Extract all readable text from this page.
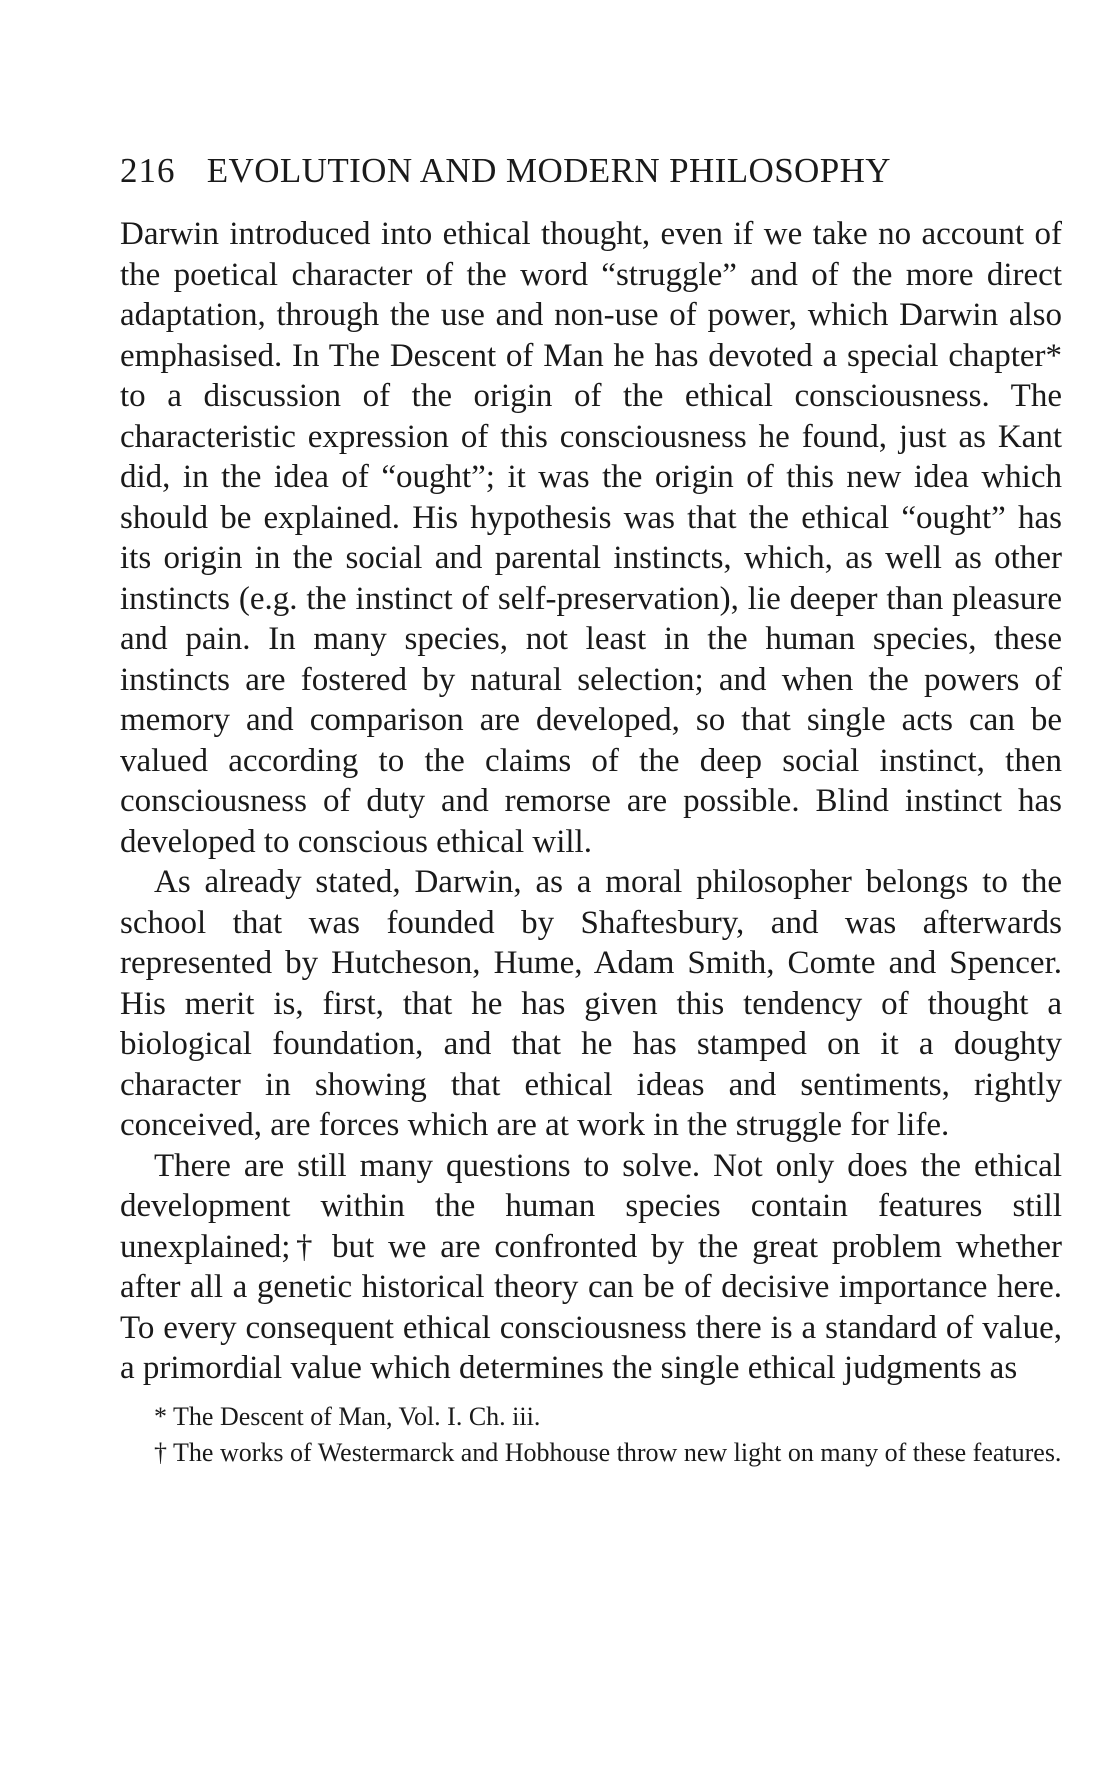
216 EVOLUTION AND MODERN PHILOSOPHY

Darwin introduced into ethical thought, even if we take no account of the poetical character of the word “struggle” and of the more direct adaptation, through the use and non-use of power, which Darwin also emphasised. In The Descent of Man he has devoted a special chapter* to a discussion of the origin of the ethical consciousness. The characteristic expression of this consciousness he found, just as Kant did, in the idea of “ought”; it was the origin of this new idea which should be explained. His hypothesis was that the ethical “ought” has its origin in the social and parental instincts, which, as well as other instincts (e.g. the instinct of self-preservation), lie deeper than pleasure and pain. In many species, not least in the human species, these instincts are fostered by natural selection; and when the powers of memory and comparison are developed, so that single acts can be valued according to the claims of the deep social instinct, then consciousness of duty and remorse are possible. Blind instinct has developed to conscious ethical will.

As already stated, Darwin, as a moral philosopher belongs to the school that was founded by Shaftesbury, and was afterwards represented by Hutcheson, Hume, Adam Smith, Comte and Spencer. His merit is, first, that he has given this tendency of thought a biological foundation, and that he has stamped on it a doughty character in showing that ethical ideas and sentiments, rightly conceived, are forces which are at work in the struggle for life.

There are still many questions to solve. Not only does the ethical development within the human species contain features still unexplained;† but we are confronted by the great problem whether after all a genetic historical theory can be of decisive importance here. To every consequent ethical consciousness there is a standard of value, a primordial value which determines the single ethical judgments as

* The Descent of Man, Vol. I. Ch. iii.

† The works of Westermarck and Hobhouse throw new light on many of these features.
